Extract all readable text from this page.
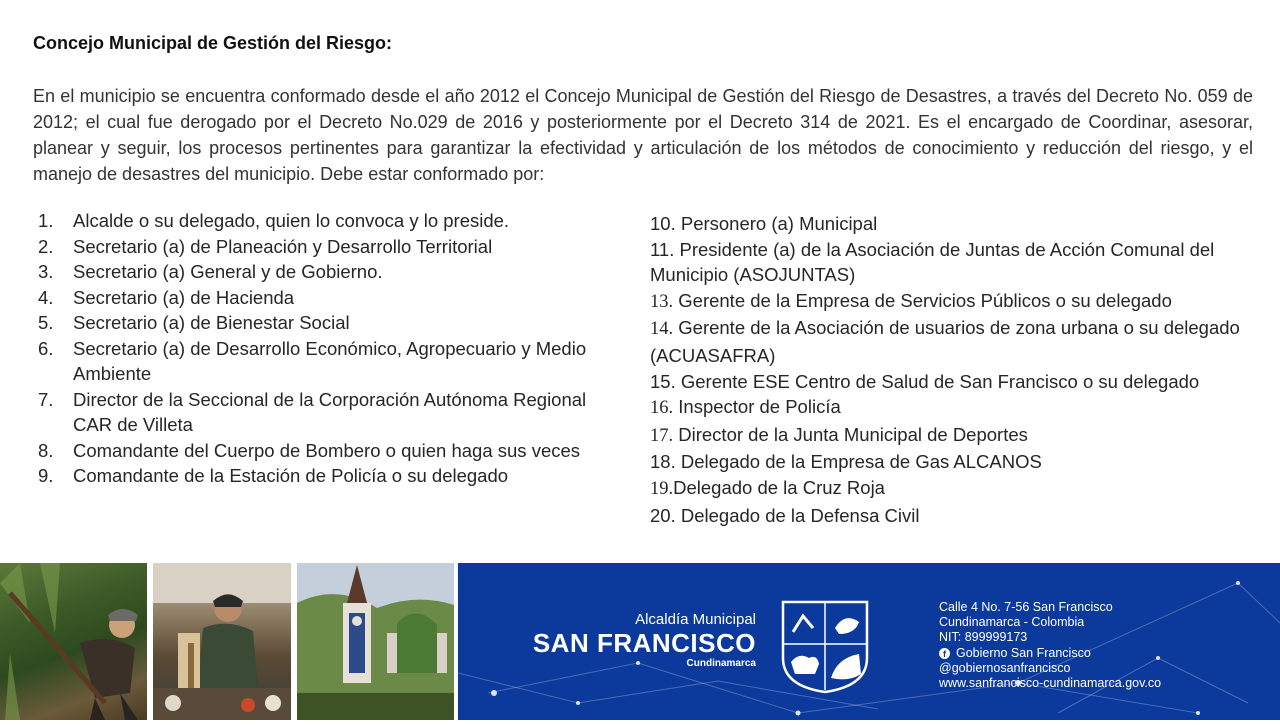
Concejo Municipal de Gestión del Riesgo:

En el municipio se encuentra conformado desde el año 2012 el Concejo Municipal de Gestión del Riesgo de Desastres, a través del Decreto No. 059 de 2012; el cual fue derogado por el Decreto No.029 de 2016 y posteriormente por el Decreto 314 de 2021. Es el encargado de Coordinar, asesorar, planear y seguir, los procesos pertinentes para garantizar la efectividad y articulación de los métodos de conocimiento y reducción del riesgo, y el manejo de desastres del municipio. Debe estar conformado por:

1. Alcalde o su delegado, quien lo convoca y lo preside.
2. Secretario (a) de Planeación y Desarrollo Territorial
3. Secretario (a) General y de Gobierno.
4. Secretario (a) de Hacienda
5. Secretario (a) de Bienestar Social
6. Secretario (a) de Desarrollo Económico, Agropecuario y Medio Ambiente
7. Director de la Seccional de la Corporación Autónoma Regional CAR de Villeta
8. Comandante del Cuerpo de Bombero o quien haga sus veces
9. Comandante de la Estación de Policía o su delegado
10. Personero (a) Municipal
11. Presidente (a) de la Asociación de Juntas de Acción Comunal del Municipio (ASOJUNTAS)
13. Gerente de la Empresa de Servicios Públicos o su delegado
14. Gerente de la Asociación de usuarios de zona urbana o su delegado (ACUASAFRA)
15. Gerente ESE Centro de Salud de San Francisco o su delegado
16. Inspector de Policía
17. Director de la Junta Municipal de Deportes
18. Delegado de la Empresa de Gas ALCANOS
19.Delegado de la Cruz Roja
20. Delegado de la Defensa Civil
Alcaldía Municipal
SAN FRANCISCO
Cundinamarca
Calle 4 No. 7-56 San Francisco
Cundinamarca - Colombia
NIT: 899999173
f Gobierno San Francisco
@gobiernosanfrancisco
www.sanfrancisco-cundinamarca.gov.co
